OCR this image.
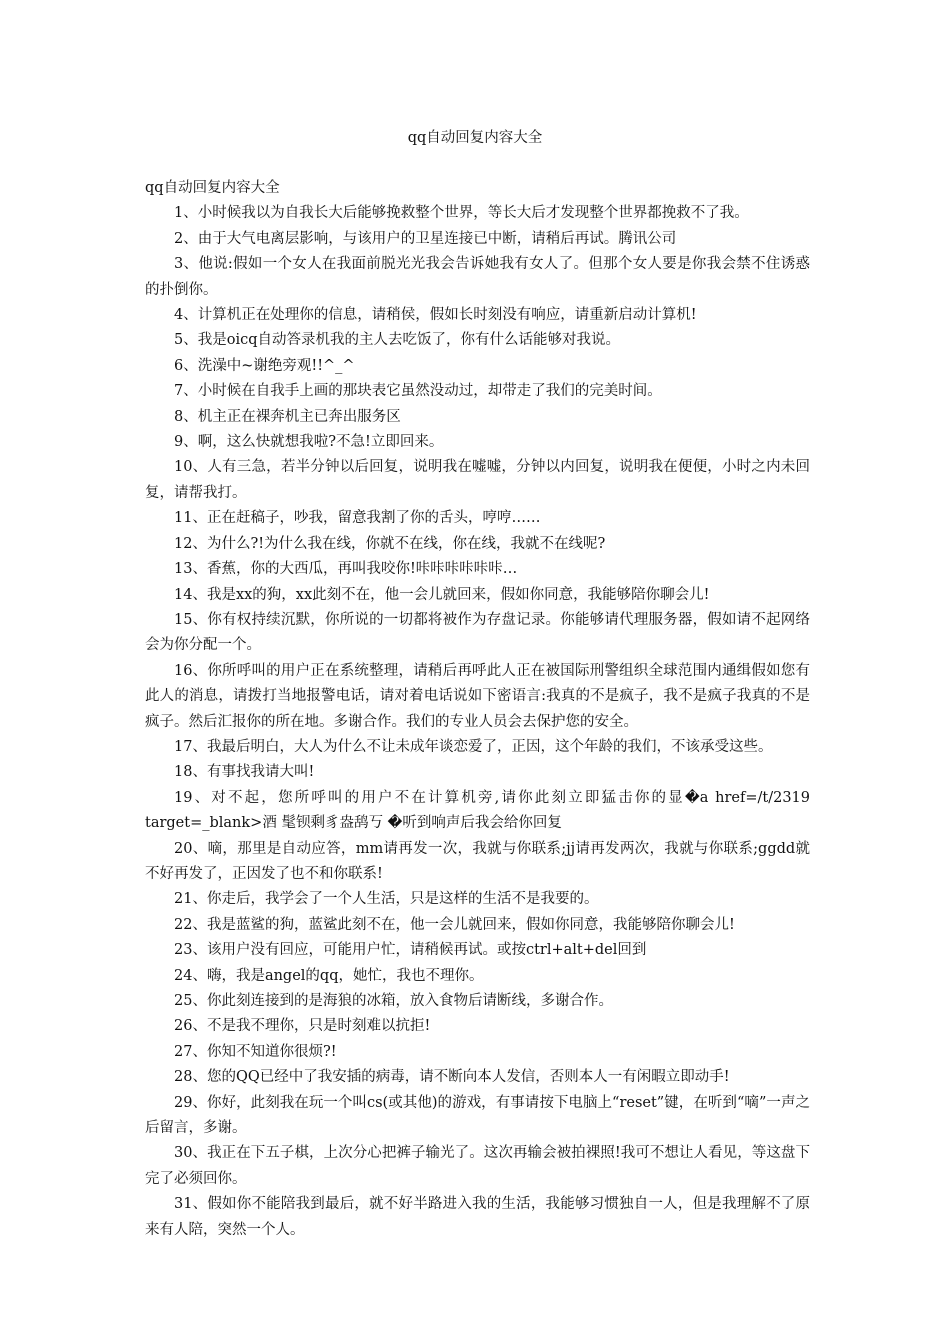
qq自动回复内容大全

qq自动回复内容大全

1、小时候我以为自我长大后能够挽救整个世界，等长大后才发现整个世界都挽救不了我。

2、由于大气电离层影响，与该用户的卫星连接已中断，请稍后再试。腾讯公司

3、他说:假如一个女人在我面前脱光光我会告诉她我有女人了。但那个女人要是你我会禁不住诱惑的扑倒你。

4、计算机正在处理你的信息，请稍侯，假如长时刻没有响应，请重新启动计算机!

5、我是oicq自动答录机我的主人去吃饭了，你有什么话能够对我说。

6、洗澡中~谢绝旁观!!^_^

7、小时候在自我手上画的那块表它虽然没动过，却带走了我们的完美时间。

8、机主正在裸奔机主已奔出服务区

9、啊，这么快就想我啦?不急!立即回来。

10、人有三急，若半分钟以后回复，说明我在嘘嘘，分钟以内回复，说明我在便便，小时之内未回复，请帮我打。

11、正在赶稿子，吵我，留意我割了你的舌头，哼哼……

12、为什么?!为什么我在线，你就不在线，你在线，我就不在线呢?

13、香蕉，你的大西瓜，再叫我咬你!咔咔咔咔咔咔…

14、我是xx的狗，xx此刻不在，他一会儿就回来，假如你同意，我能够陪你聊会儿!

15、你有权持续沉默，你所说的一切都将被作为存盘记录。你能够请代理服务器，假如请不起网络会为你分配一个。

16、你所呼叫的用户正在系统整理，请稍后再呼此人正在被国际刑警组织全球范围内通缉假如您有此人的消息，请拨打当地报警电话，请对着电话说如下密语言:我真的不是疯子，我不是疯子我真的不是疯子。然后汇报你的所在地。多谢合作。我们的专业人员会去保护您的安全。

17、我最后明白，大人为什么不让未成年谈恋爱了，正因，这个年龄的我们，不该承受这些。

18、有事找我请大叫!

19、对不起，您所呼叫的用户不在计算机旁,请你此刻立即猛击你的显�a href=/t/2319 target=_blank>酒 髦钡剩豸盎鸹丂 �听到响声后我会给你回复

20、嘀，那里是自动应答，mm请再发一次，我就与你联系;jj请再发两次，我就与你联系;ggdd就不好再发了，正因发了也不和你联系!

21、你走后，我学会了一个人生活，只是这样的生活不是我要的。

22、我是蓝鲨的狗，蓝鲨此刻不在，他一会儿就回来，假如你同意，我能够陪你聊会儿!

23、该用户没有回应，可能用户忙，请稍候再试。或按ctrl+alt+del回到

24、嗨，我是angel的qq，她忙，我也不理你。

25、你此刻连接到的是海狼的冰箱，放入食物后请断线，多谢合作。

26、不是我不理你，只是时刻难以抗拒!

27、你知不知道你很烦?!

28、您的QQ已经中了我安插的病毒，请不断向本人发信，否则本人一有闲暇立即动手!

29、你好，此刻我在玩一个叫cs(或其他)的游戏，有事请按下电脑上“reset”键，在听到“嘀”一声之后留言，多谢。

30、我正在下五子棋，上次分心把裤子输光了。这次再输会被拍裸照!我可不想让人看见，等这盘下完了必须回你。

31、假如你不能陪我到最后，就不好半路进入我的生活，我能够习惯独自一人，但是我理解不了原来有人陪，突然一个人。
